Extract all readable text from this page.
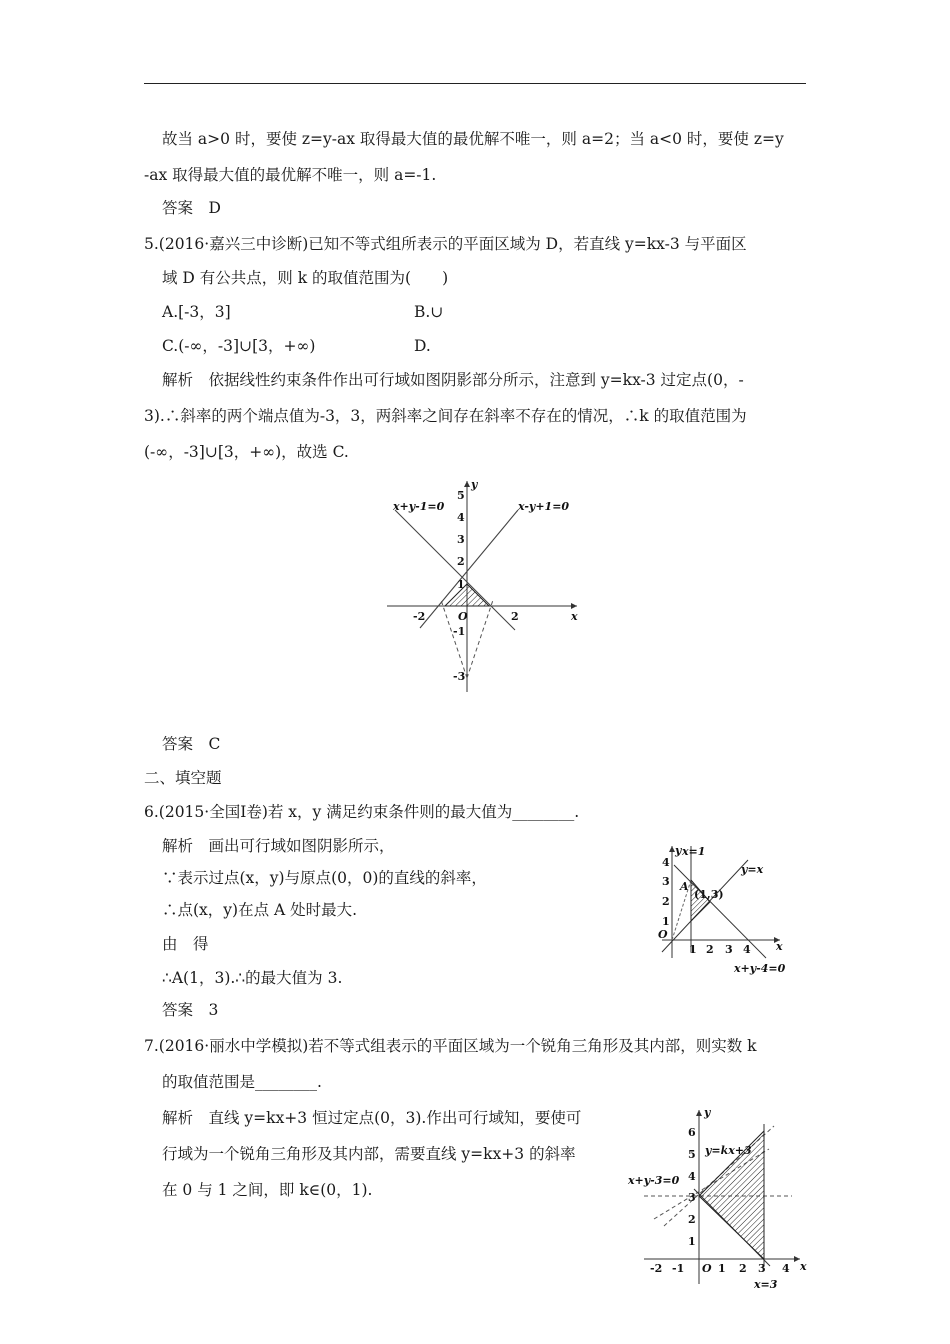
故当 a>0 时，要使 z=y-ax 取得最大值的最优解不唯一，则 a=2；当 a<0 时，要使 z=y
-ax 取得最大值的最优解不唯一，则 a=-1.
答案　D
5.(2016·嘉兴三中诊断)已知不等式组所表示的平面区域为 D，若直线 y=kx-3 与平面区
域 D 有公共点，则 k 的取值范围为(　　)
A.[-3，3]	B.∪
C.(-∞，-3]∪[3，+∞)	D.
解析　依据线性约束条件作出可行域如图阴影部分所示，注意到 y=kx-3 过定点(0，-
3).∴斜率的两个端点值为-3，3，两斜率之间存在斜率不存在的情况，∴k 的取值范围为
(-∞，-3]∪[3，+∞)，故选 C.
x+y-1=0	x-y+1=0
x
y
O
-2	2
5
4
3
2
1
-1
-3
答案　C
二、填空题
6.(2015·全国Ⅰ卷)若 x，y 满足约束条件则的最大值为________.
解析　画出可行域如图阴影所示，
∵表示过点(x，y)与原点(0，0)的直线的斜率，
∴点(x，y)在点 A 处时最大.
由　得
∴A(1，3).∴的最大值为 3.
答案　3
x=1
y=x
x+y-4=0
(1,3)
A
O
x
y
1 2 3 4
4
3
2
1
7.(2016·丽水中学模拟)若不等式组表示的平面区域为一个锐角三角形及其内部，则实数 k
的取值范围是________.
解析　直线 y=kx+3 恒过定点(0，3).作出可行域知，要使可
行域为一个锐角三角形及其内部，需要直线 y=kx+3 的斜率
在 0 与 1 之间，即 k∈(0，1).
y=kx+3
x+y-3=0
x=3
O	x
y
-2 -1	1 2 3 4
6
5
4
3
2
1
